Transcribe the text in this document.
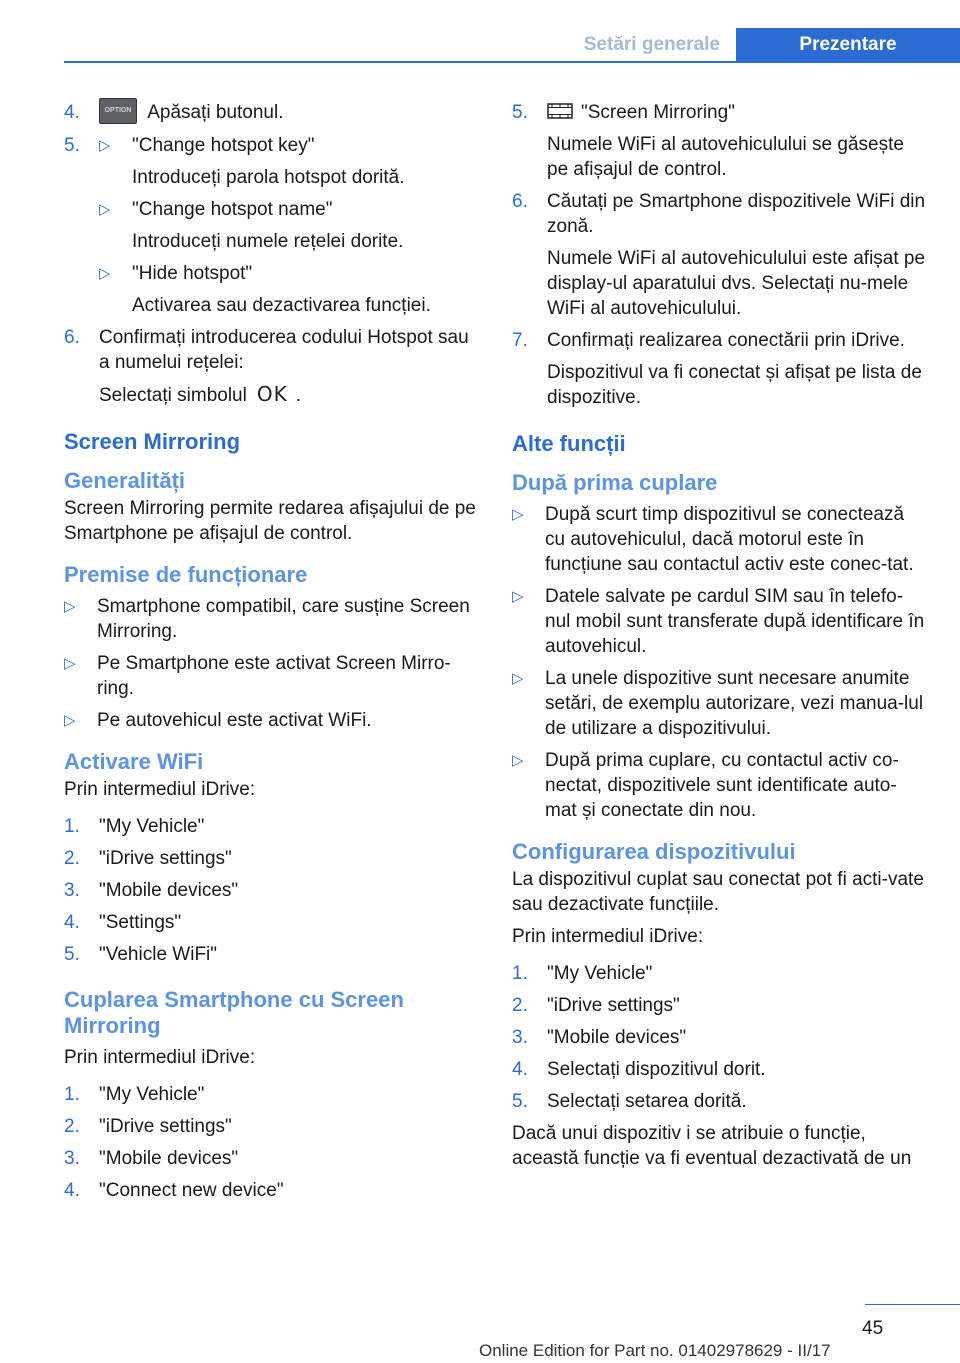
Setări generale	Prezentare
4.	OPTION Apăsați butonul.
5. ▷ "Change hotspot key"
Introduceți parola hotspot dorită.
▷ "Change hotspot name"
Introduceți numele rețelei dorite.
▷ "Hide hotspot"
Activarea sau dezactivarea funcției.
6. Confirmați introducerea codului Hotspot sau a numelui rețelei:
Selectați simbolul OK .
Screen Mirroring
Generalități
Screen Mirroring permite redarea afișajului de pe Smartphone pe afișajul de control.
Premise de funcționare
▷ Smartphone compatibil, care susține Screen Mirroring.
▷ Pe Smartphone este activat Screen Mirro-ring.
▷ Pe autovehicul este activat WiFi.
Activare WiFi
Prin intermediul iDrive:
1. "My Vehicle"
2. "iDrive settings"
3. "Mobile devices"
4. "Settings"
5. "Vehicle WiFi"
Cuplarea Smartphone cu Screen Mirroring
Prin intermediul iDrive:
1. "My Vehicle"
2. "iDrive settings"
3. "Mobile devices"
4. "Connect new device"
5.	"Screen Mirroring"
Numele WiFi al autovehiculului se găsește pe afișajul de control.
6. Căutați pe Smartphone dispozitivele WiFi din zonă.
Numele WiFi al autovehiculului este afișat pe display-ul aparatului dvs. Selectați nu-mele WiFi al autovehiculului.
7. Confirmați realizarea conectării prin iDrive.
Dispozitivul va fi conectat și afișat pe lista de dispozitive.
Alte funcții
După prima cuplare
▷ După scurt timp dispozitivul se conectează cu autovehiculul, dacă motorul este în funcțiune sau contactul activ este conec-tat.
▷ Datele salvate pe cardul SIM sau în telefo-nul mobil sunt transferate după identificare în autovehicul.
▷ La unele dispozitive sunt necesare anumite setări, de exemplu autorizare, vezi manua-lul de utilizare a dispozitivului.
▷ După prima cuplare, cu contactul activ co-nectat, dispozitivele sunt identificate auto-mat și conectate din nou.
Configurarea dispozitivului
La dispozitivul cuplat sau conectat pot fi acti-vate sau dezactivate funcțiile.
Prin intermediul iDrive:
1. "My Vehicle"
2. "iDrive settings"
3. "Mobile devices"
4. Selectați dispozitivul dorit.
5. Selectați setarea dorită.
Dacă unui dispozitiv i se atribuie o funcție, această funcție va fi eventual dezactivată de un
45
Online Edition for Part no. 01402978629 - II/17
